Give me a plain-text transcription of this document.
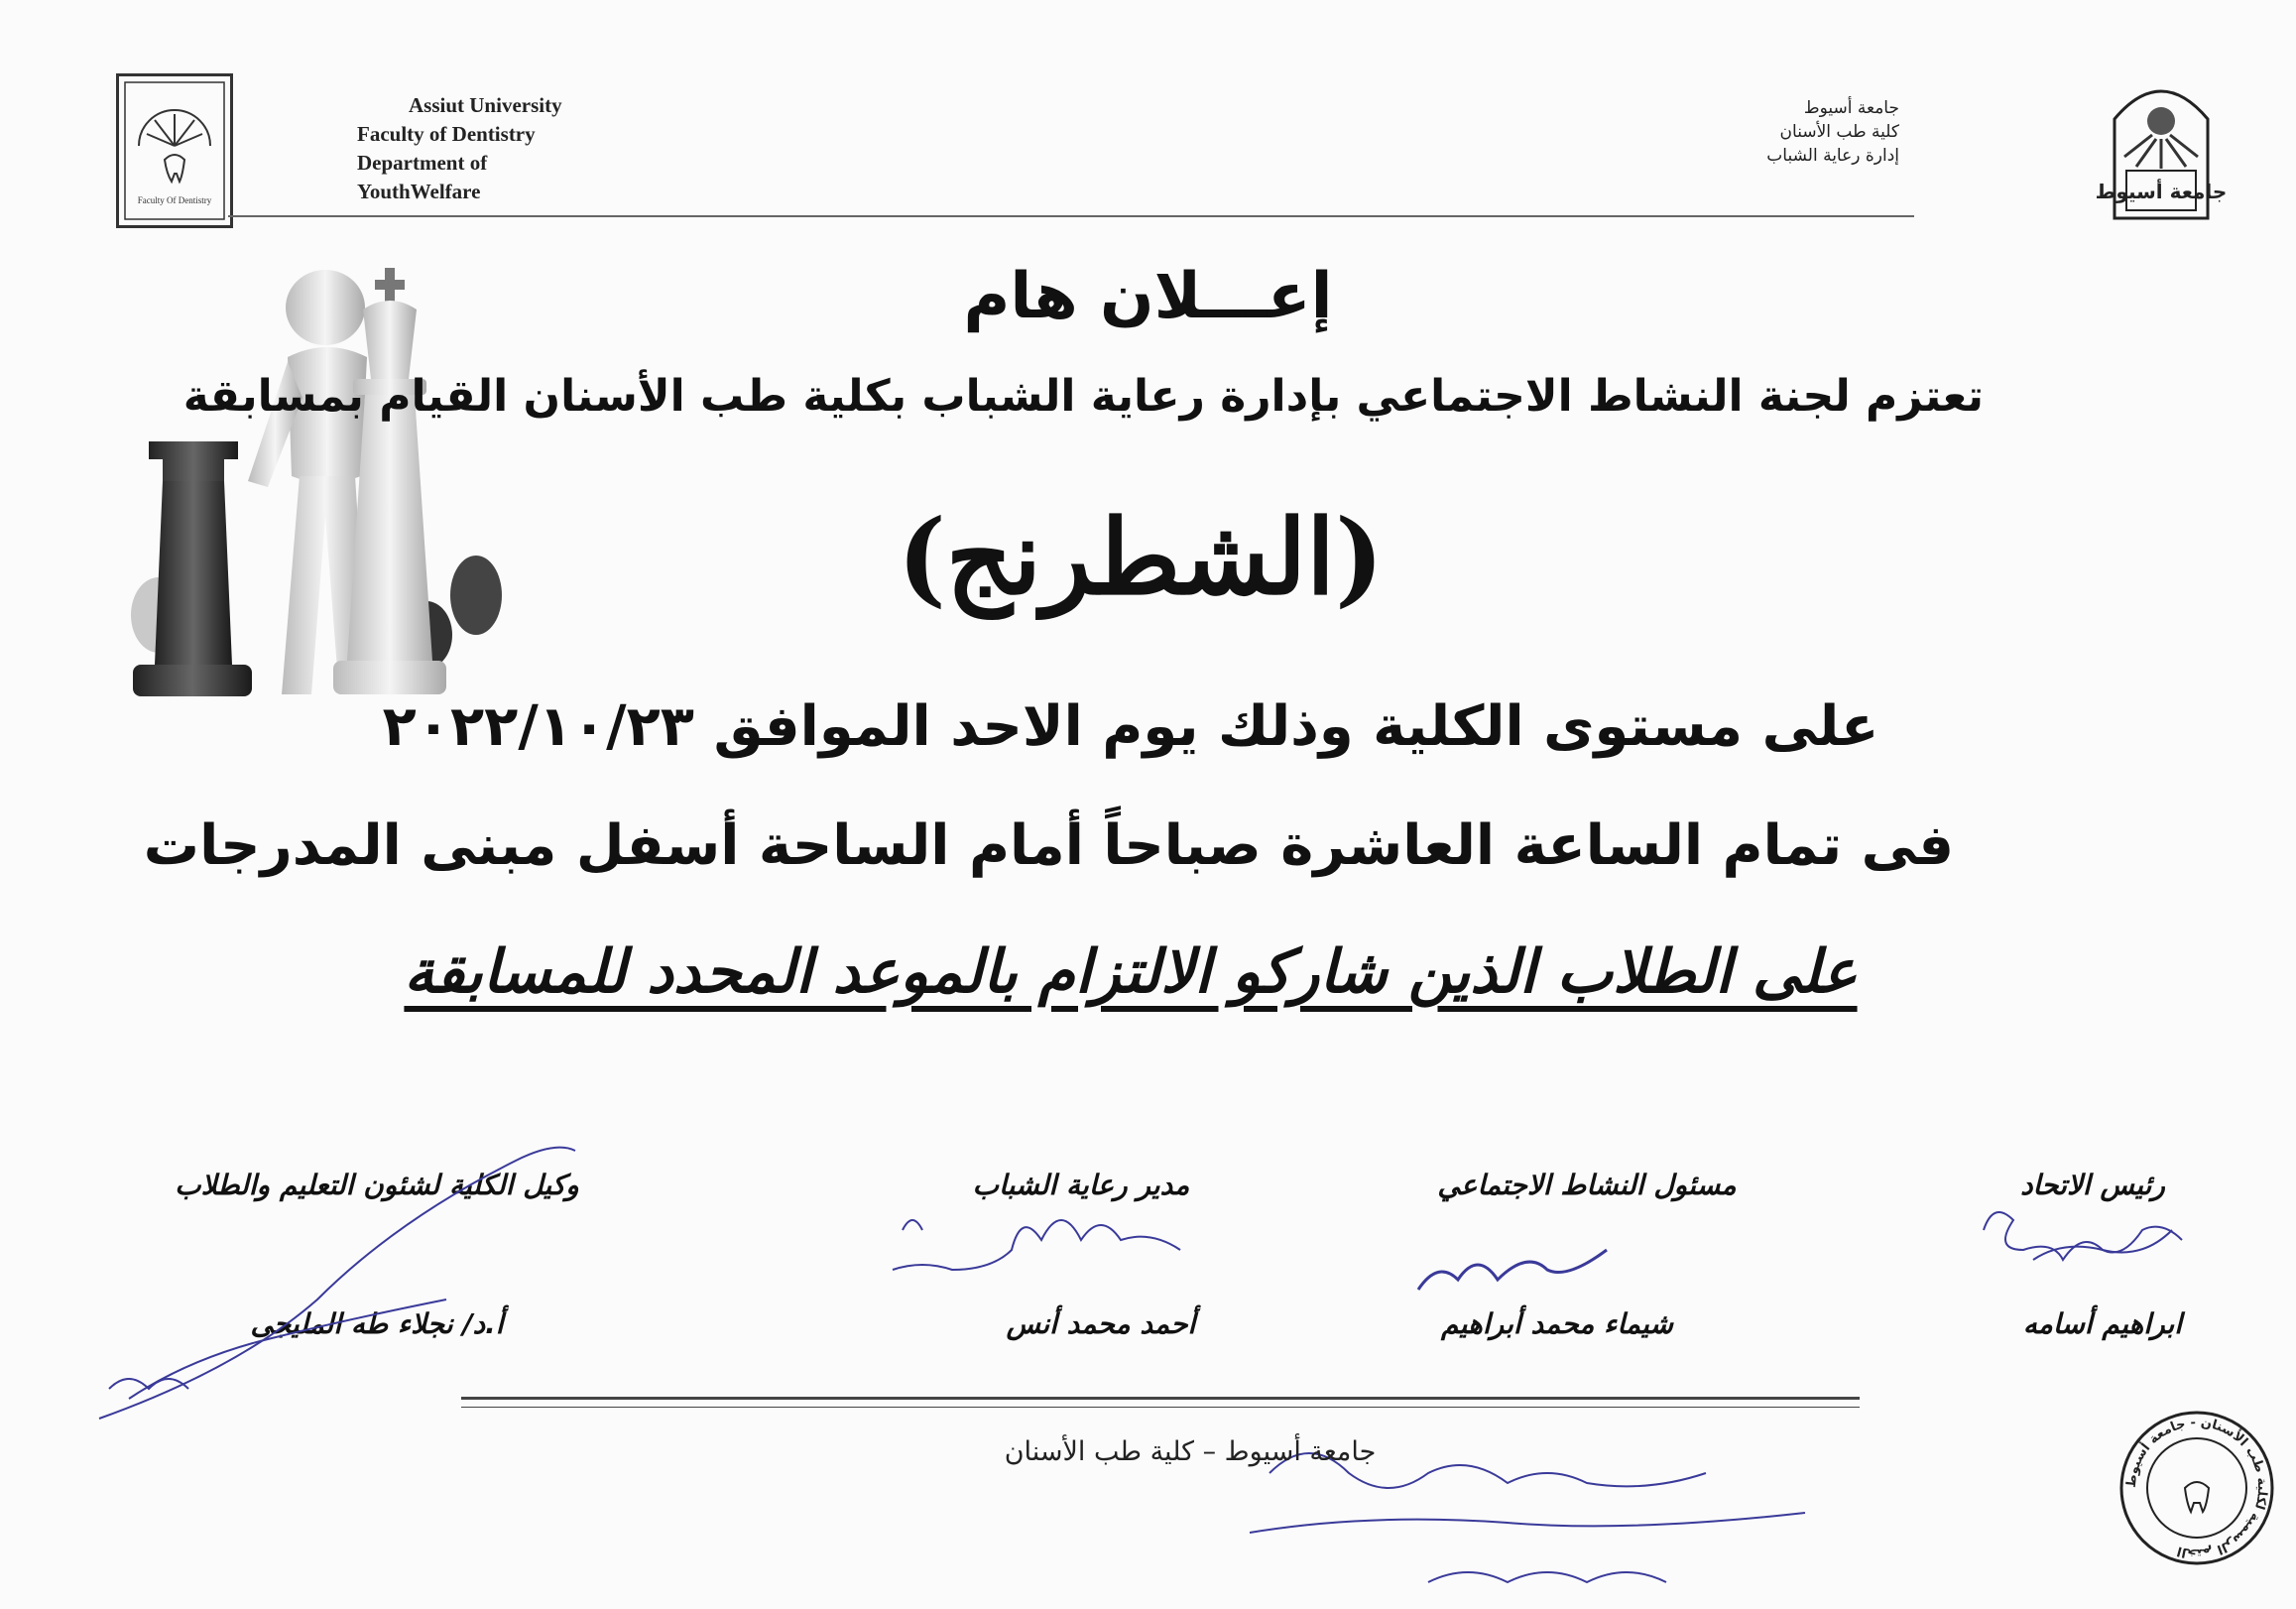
Faculty Of Dentistry
Assiut University
Faculty of Dentistry
Department of
YouthWelfare
جامعة أسيوط
كلية طب الأسنان
إدارة رعاية الشباب
جامعة أسيوط
إعـــلان هام
تعتزم لجنة النشاط الاجتماعي بإدارة رعاية الشباب بكلية طب الأسنان القيام بمسابقة
(الشطرنج)
على مستوى الكلية وذلك يوم الاحد الموافق ٢٠٢٢/١٠/٢٣
فى تمام الساعة العاشرة صباحاً أمام الساحة أسفل مبنى المدرجات
على الطلاب الذين شاركو الالتزام بالموعد المحدد للمسابقة
رئيس الاتحاد
ابراهيم أسامه
مسئول النشاط الاجتماعي
شيماء محمد أبراهيم
مدير رعاية الشباب
أحمد محمد أنس
وكيل الكلية لشئون التعليم والطلاب
أ.د/ نجلاء طه المليجى
جامعة أسيوط – كلية طب الأسنان
الختم الرسمية لكلية طب الأسنان - جامعة أسيوط
